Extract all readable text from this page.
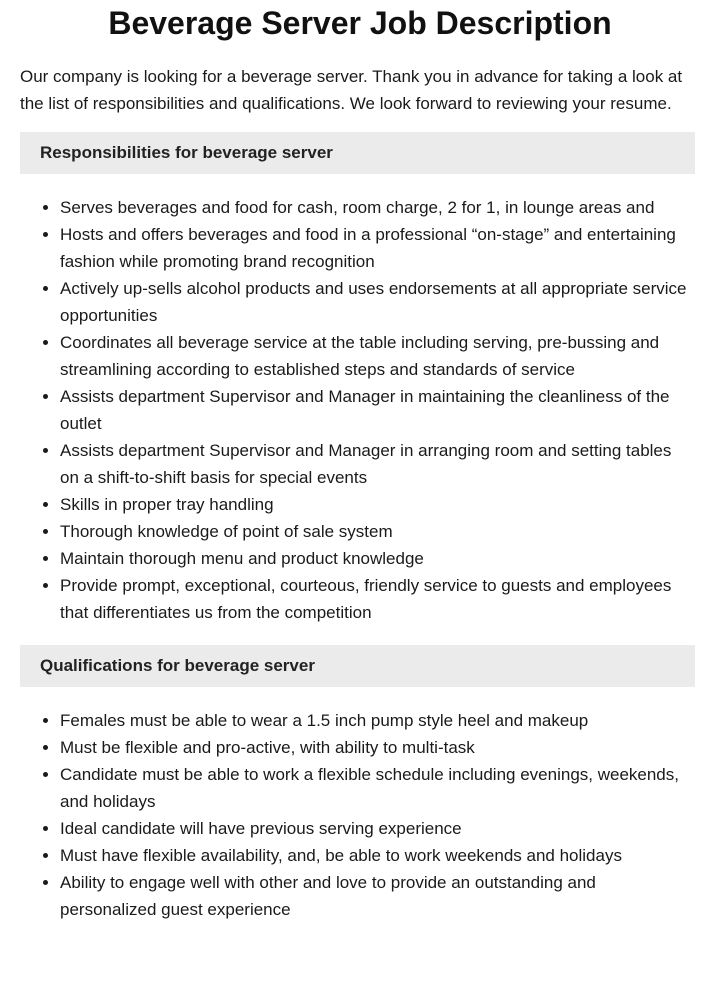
Beverage Server Job Description

Our company is looking for a beverage server. Thank you in advance for taking a look at the list of responsibilities and qualifications. We look forward to reviewing your resume.

Responsibilities for beverage server
• Serves beverages and food for cash, room charge, 2 for 1, in lounge areas and
• Hosts and offers beverages and food in a professional “on-stage” and entertaining fashion while promoting brand recognition
• Actively up-sells alcohol products and uses endorsements at all appropriate service opportunities
• Coordinates all beverage service at the table including serving, pre-bussing and streamlining according to established steps and standards of service
• Assists department Supervisor and Manager in maintaining the cleanliness of the outlet
• Assists department Supervisor and Manager in arranging room and setting tables on a shift-to-shift basis for special events
• Skills in proper tray handling
• Thorough knowledge of point of sale system
• Maintain thorough menu and product knowledge
• Provide prompt, exceptional, courteous, friendly service to guests and employees that differentiates us from the competition
Qualifications for beverage server
• Females must be able to wear a 1.5 inch pump style heel and makeup
• Must be flexible and pro-active, with ability to multi-task
• Candidate must be able to work a flexible schedule including evenings, weekends, and holidays
• Ideal candidate will have previous serving experience
• Must have flexible availability, and, be able to work weekends and holidays
• Ability to engage well with other and love to provide an outstanding and personalized guest experience
